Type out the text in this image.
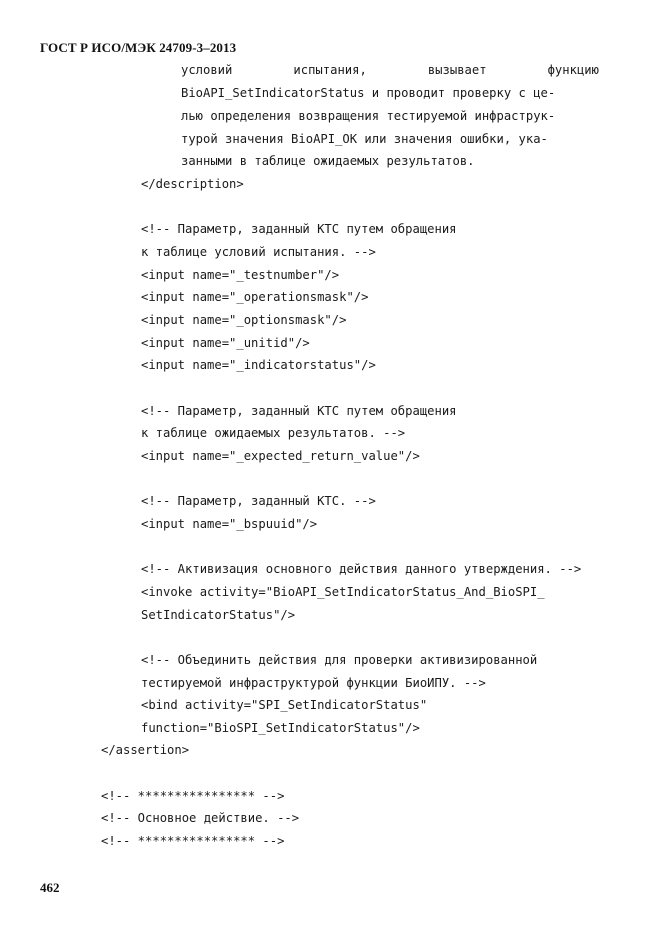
ГОСТ Р ИСО/МЭК 24709-3–2013
условий	испытания,	вызывает	функцию
BioAPI_SetIndicatorStatus и проводит проверку с це-
лью определения возвращения тестируемой инфраструк-
турой значения BioAPI_OK или значения ошибки, ука-
занными в таблице ожидаемых результатов.
</description>
<!-- Параметр, заданный КТС путем обращения
к таблице условий испытания. -->
<input name="_testnumber"/>
<input name="_operationsmask"/>
<input name="_optionsmask"/>
<input name="_unitid"/>
<input name="_indicatorstatus"/>
<!-- Параметр, заданный КТС путем обращения
к таблице ожидаемых результатов. -->
<input name="_expected_return_value"/>
<!-- Параметр, заданный КТС. -->
<input name="_bspuuid"/>
<!-- Активизация основного действия данного утверждения. -->
<invoke activity="BioAPI_SetIndicatorStatus_And_BioSPI_
SetIndicatorStatus"/>
<!-- Объединить действия для проверки активизированной
тестируемой инфраструктурой функции БиоИПУ. -->
<bind activity="SPI_SetIndicatorStatus"
function="BioSPI_SetIndicatorStatus"/>
</assertion>
<!-- **************** -->
<!-- Основное действие. -->
<!-- **************** -->
462
